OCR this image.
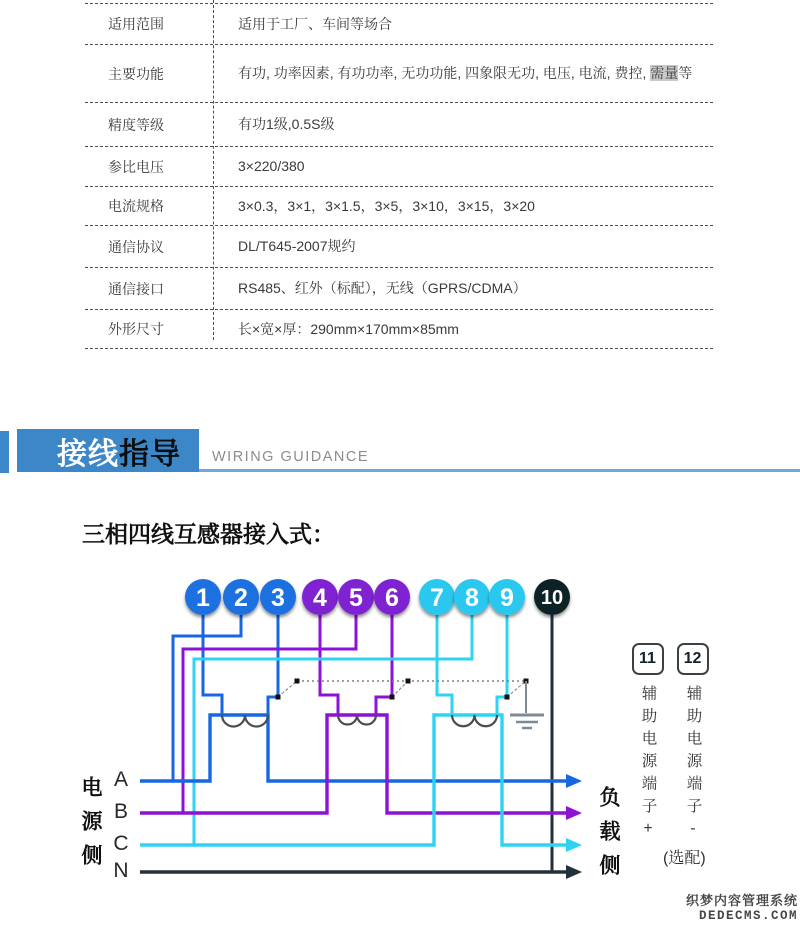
适用范围	适用于工厂、车间等场合
主要功能	有功, 功率因素, 有功功率, 无功功能, 四象限无功, 电压, 电流, 费控, 需量等
精度等级	有功1级,0.5S级
参比电压	3×220/380
电流规格	3×0.3，3×1，3×1.5，3×5，3×10，3×15，3×20
通信协议	DL/T645-2007规约
通信接口	RS485、红外（标配），无线（GPRS/CDMA）
外形尺寸	长×宽×厚：290mm×170mm×85mm
接线 指导 WIRING GUIDANCE
三相四线互感器接入式：
1 2 3 4 5 6 7 8 9 10
电源侧 A
B
C
N	负载侧
11
辅助电源端子+
12
辅助电源端子-
(选配)
织梦内容管理系统
DEDECMS.COM
